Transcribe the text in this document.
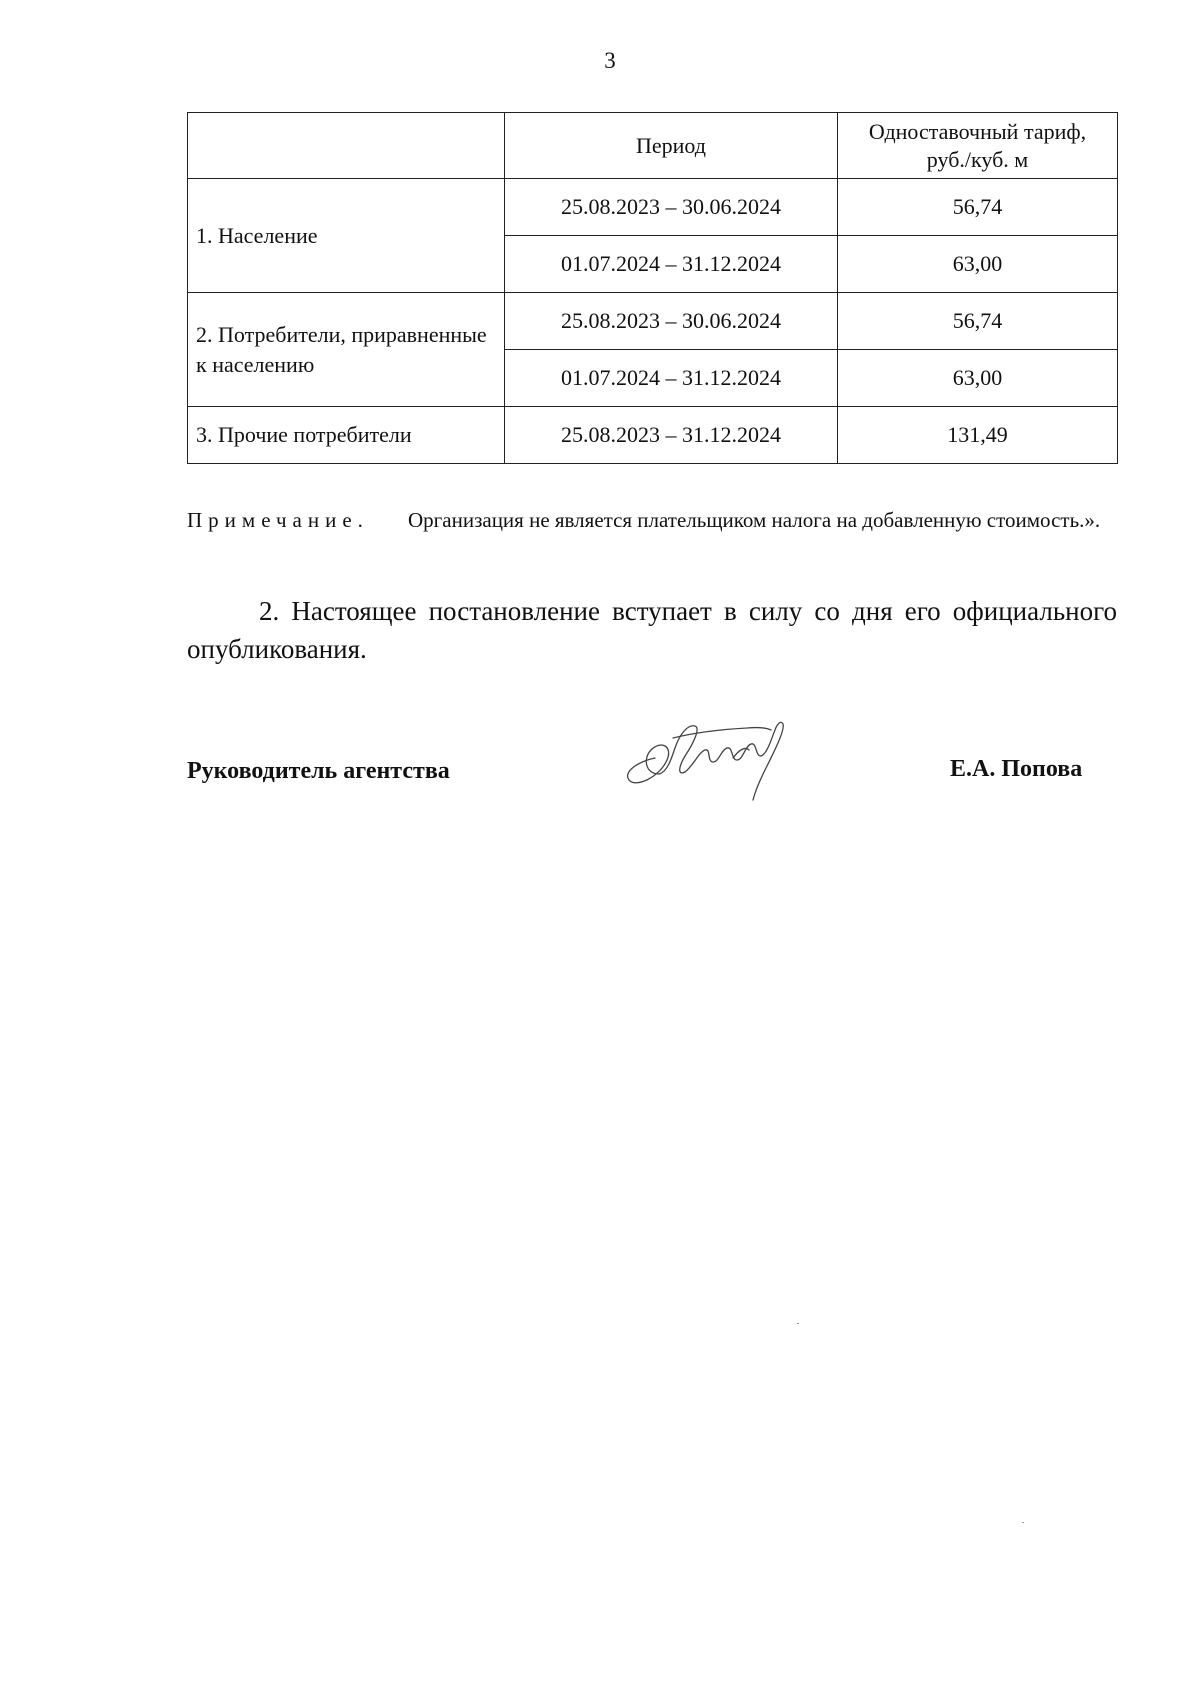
3
	Период	Одноставочный тариф, руб./куб. м
1. Население	25.08.2023 – 30.06.2024	56,74
	01.07.2024 – 31.12.2024	63,00
2. Потребители, приравненные к населению	25.08.2023 – 30.06.2024	56,74
	01.07.2024 – 31.12.2024	63,00
3. Прочие потребители	25.08.2023 – 31.12.2024	131,49
Примечание. Организация не является плательщиком налога на добавленную стоимость.».
2. Настоящее постановление вступает в силу со дня его официального опубликования.
Руководитель агентства	Е.А. Попова
